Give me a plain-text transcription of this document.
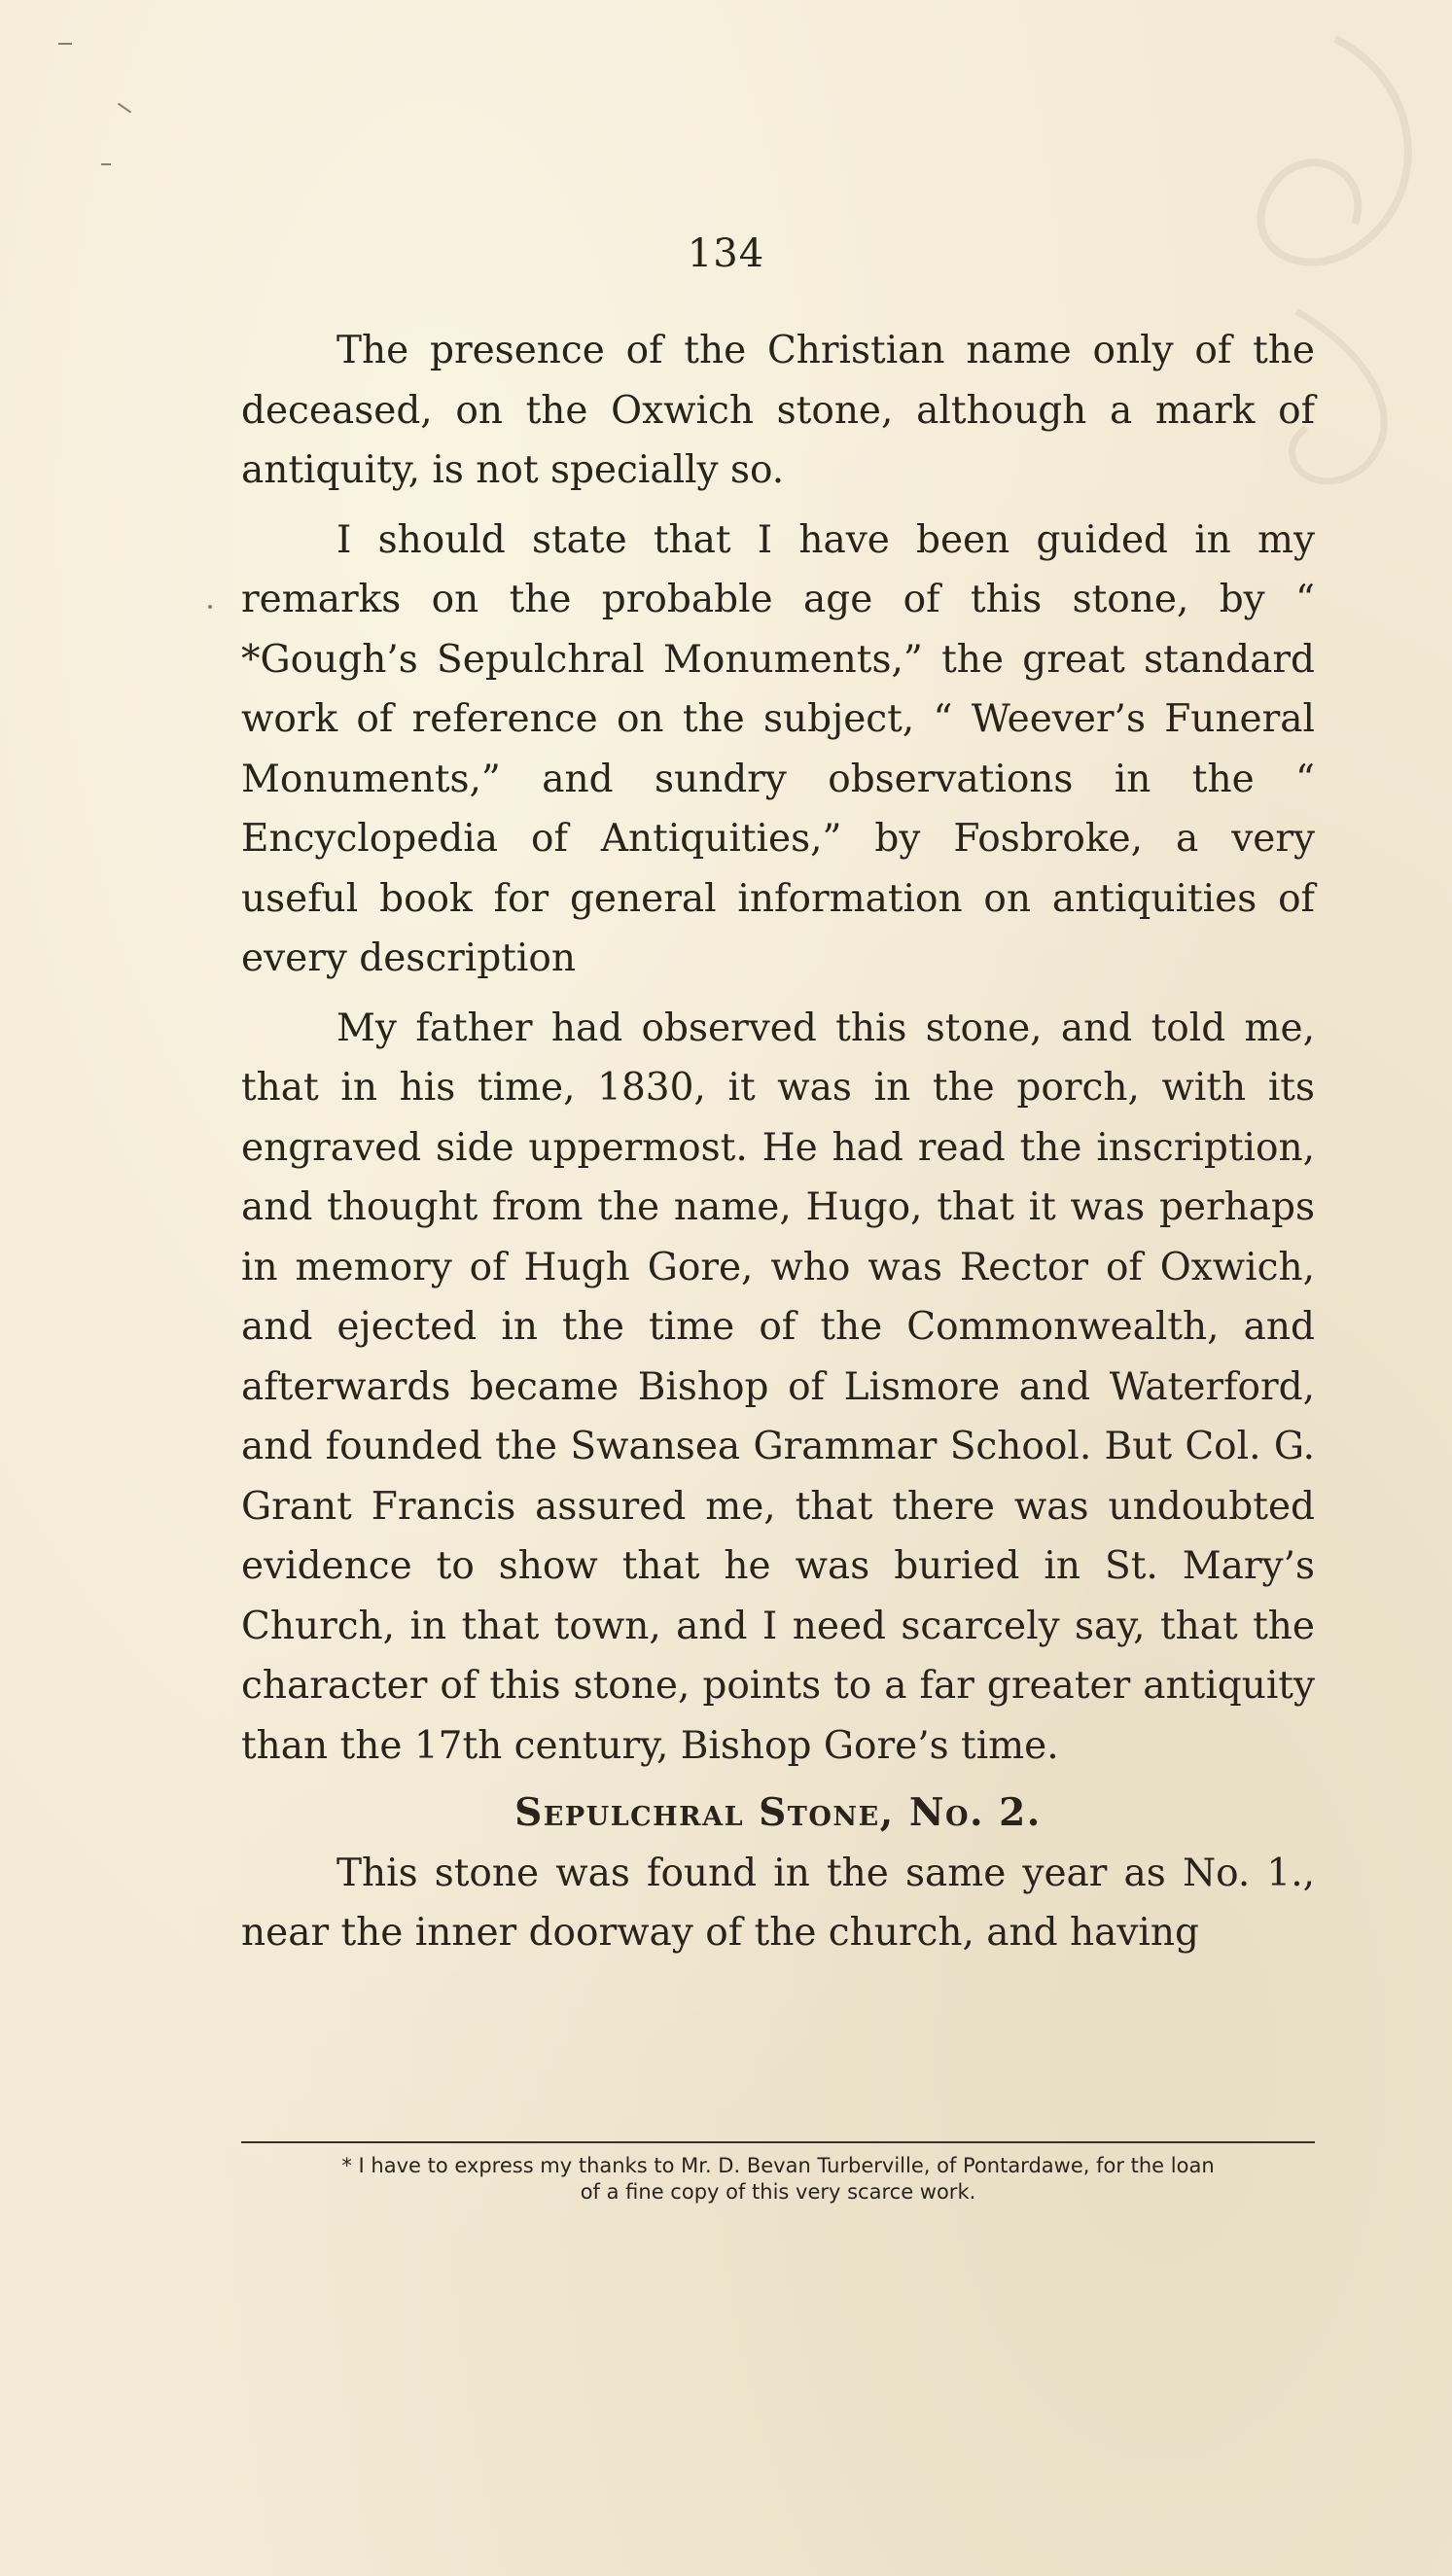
134

The presence of the Christian name only of the deceased, on the Oxwich stone, although a mark of antiquity, is not specially so.

I should state that I have been guided in my remarks on the probable age of this stone, by “ *Gough’s Sepulchral Monuments,” the great standard work of reference on the subject, “ Weever’s Funeral Monuments,” and sundry observations in the “ Encyclopedia of Antiquities,” by Fosbroke, a very useful book for general information on antiquities of every description

My father had observed this stone, and told me, that in his time, 1830, it was in the porch, with its engraved side uppermost. He had read the inscription, and thought from the name, Hugo, that it was perhaps in memory of Hugh Gore, who was Rector of Oxwich, and ejected in the time of the Commonwealth, and afterwards became Bishop of Lismore and Waterford, and founded the Swansea Grammar School. But Col. G. Grant Francis assured me, that there was undoubted evidence to show that he was buried in St. Mary’s Church, in that town, and I need scarcely say, that the character of this stone, points to a far greater antiquity than the 17th century, Bishop Gore’s time.

Sepulchral Stone, No. 2.

This stone was found in the same year as No. 1., near the inner doorway of the church, and having

* I have to express my thanks to Mr. D. Bevan Turberville, of Pontardawe, for the loan
of a fine copy of this very scarce work.
